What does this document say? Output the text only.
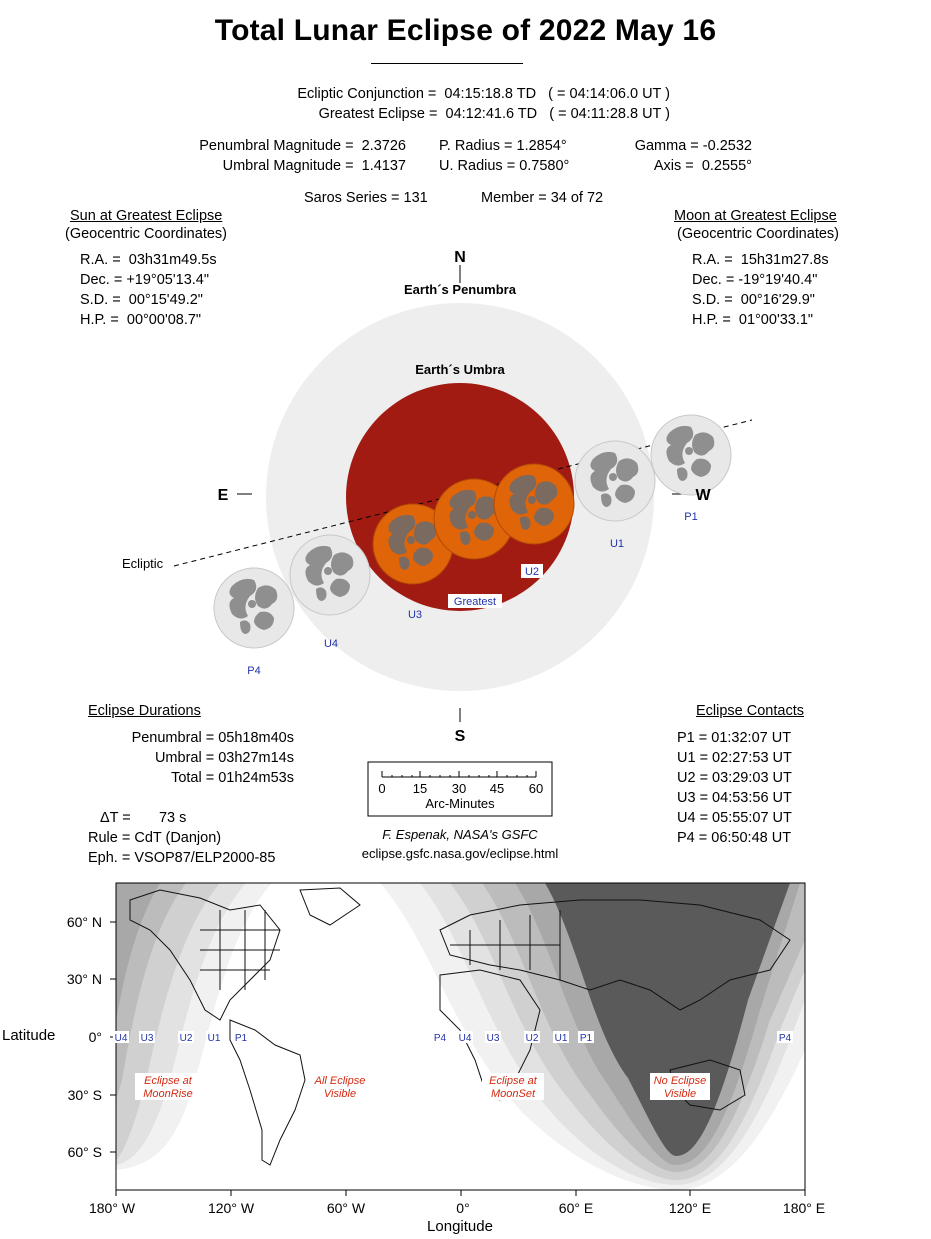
Total Lunar Eclipse of 2022 May 16
Ecliptic Conjunction =  04:15:18.8 TD   ( = 04:14:06.0 UT )
Greatest Eclipse =  04:12:41.6 TD   ( = 04:11:28.8 UT )
Penumbral Magnitude =  2.3726
Umbral Magnitude =  1.4137
P. Radius = 1.2854°
U. Radius = 0.7580°
Gamma = -0.2532
Axis =  0.2555°
Saros Series = 131	Member = 34 of 72
Sun at Greatest Eclipse
(Geocentric Coordinates)
R.A. =  03h31m49.5s
Dec. = +19°05'13.4"
S.D. =  00°15'49.2"
H.P. =  00°00'08.7"
Moon at Greatest Eclipse
(Geocentric Coordinates)
R.A. =  15h31m27.8s
Dec. = -19°19'40.4"
S.D. =  00°16'29.9"
H.P. =  01°00'33.1"
N
Earth´s Penumbra
Earth´s Umbra
S
E	W
Ecliptic
P1
U1
U2
U3
U4
P4
Greatest
0 15 30 45 60
Arc-Minutes
Eclipse Durations
Penumbral = 05h18m40s
Umbral = 03h27m14s
Total = 01h24m53s
ΔT =       73 s
Rule = CdT (Danjon)
Eph. = VSOP87/ELP2000-85
F. Espenak, NASA's GSFC
eclipse.gsfc.nasa.gov/eclipse.html
Eclipse Contacts
P1 = 01:32:07 UT
U1 = 02:27:53 UT
U2 = 03:29:03 UT
U3 = 04:53:56 UT
U4 = 05:55:07 UT
P4 = 06:50:48 UT
60° N
30° N
0°
30° S
60° S
Latitude
180° W	120° W	60° W	0°	60° E	120° E	180° E
Longitude
U4 U3	U2 U1 P1	P4 U4 U3	U2 U1 P1	P4
Eclipse at
MoonRise
All Eclipse
Visible
Eclipse at
MoonSet
No Eclipse
Visible
